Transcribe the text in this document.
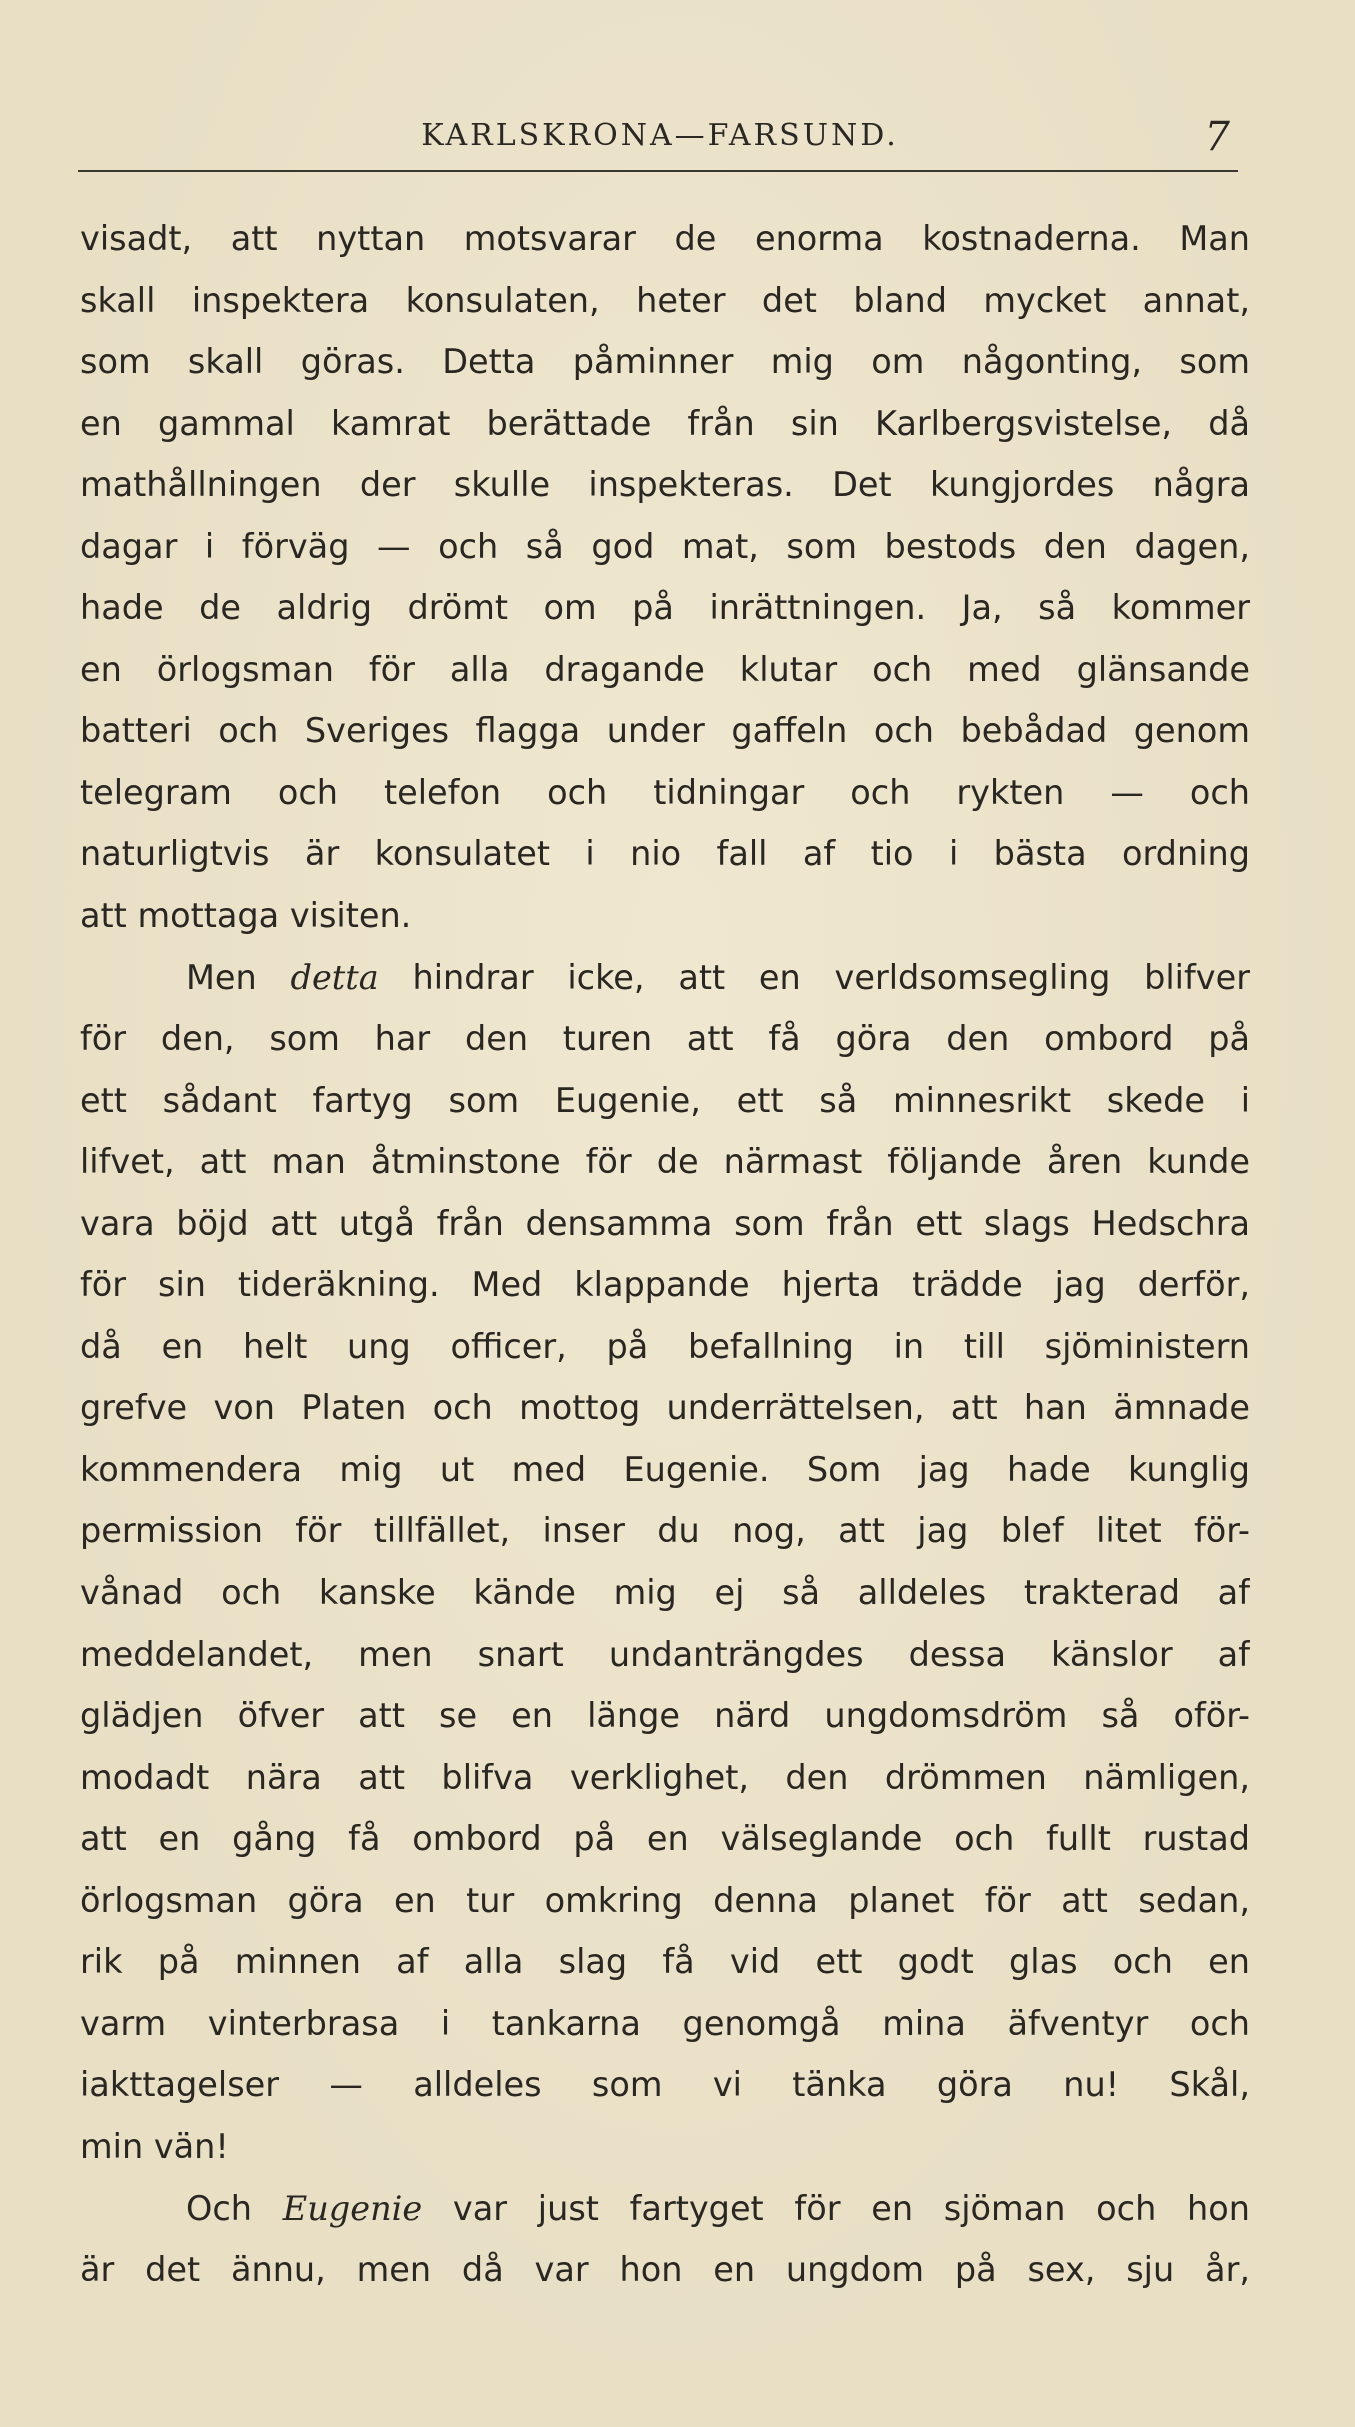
KARLSKRONA—FARSUND.	7
visadt, att nyttan motsvarar de enorma kostnaderna. Man
skall inspektera konsulaten, heter det bland mycket annat,
som skall göras. Detta påminner mig om någonting, som
en gammal kamrat berättade från sin Karlbergsvistelse, då
mathållningen der skulle inspekteras. Det kungjordes några
dagar i förväg — och så god mat, som bestods den dagen,
hade de aldrig drömt om på inrättningen. Ja, så kommer
en örlogsman för alla dragande klutar och med glänsande
batteri och Sveriges flagga under gaffeln och bebådad genom
telegram och telefon och tidningar och rykten — och
naturligtvis är konsulatet i nio fall af tio i bästa ordning
att mottaga visiten.
Men detta hindrar icke, att en verldsomsegling blifver
för den, som har den turen att få göra den ombord på
ett sådant fartyg som Eugenie, ett så minnesrikt skede i
lifvet, att man åtminstone för de närmast följande åren kunde
vara böjd att utgå från densamma som från ett slags Hedschra
för sin tideräkning. Med klappande hjerta trädde jag derför,
då en helt ung officer, på befallning in till sjöministern
grefve von Platen och mottog underrättelsen, att han ämnade
kommendera mig ut med Eugenie. Som jag hade kunglig
permission för tillfället, inser du nog, att jag blef litet för-
vånad och kanske kände mig ej så alldeles trakterad af
meddelandet, men snart undanträngdes dessa känslor af
glädjen öfver att se en länge närd ungdomsdröm så oför-
modadt nära att blifva verklighet, den drömmen nämligen,
att en gång få ombord på en välseglande och fullt rustad
örlogsman göra en tur omkring denna planet för att sedan,
rik på minnen af alla slag få vid ett godt glas och en
varm vinterbrasa i tankarna genomgå mina äfventyr och
iakttagelser — alldeles som vi tänka göra nu! Skål,
min vän!
Och Eugenie var just fartyget för en sjöman och hon
är det ännu, men då var hon en ungdom på sex, sju år,
